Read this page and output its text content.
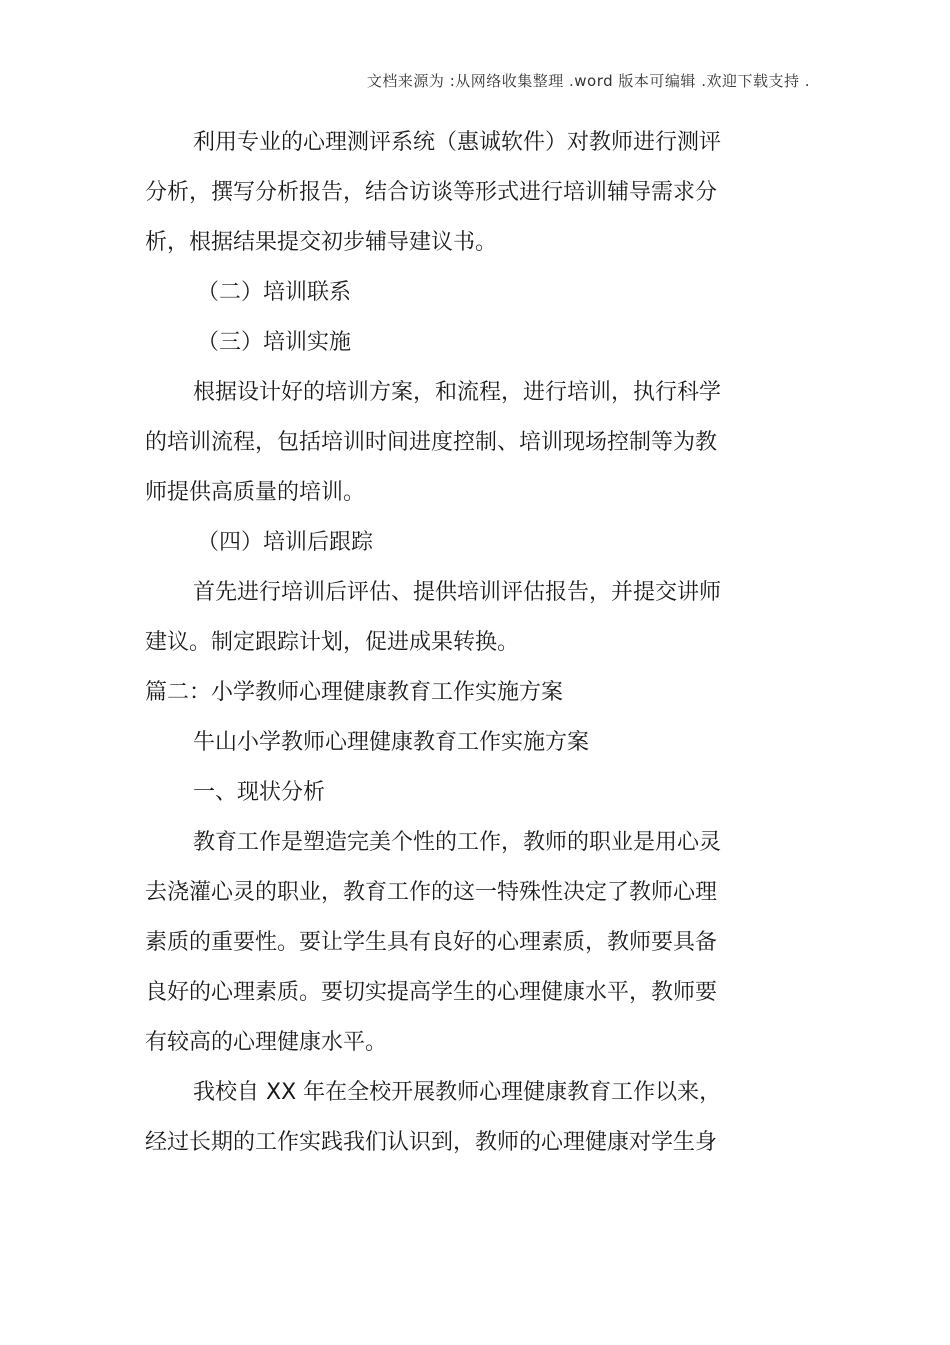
文档来源为 :从网络收集整理 .word 版本可编辑 .欢迎下载支持 .
利用专业的心理测评系统（惠诚软件）对教师进行测评
分析，撰写分析报告，结合访谈等形式进行培训辅导需求分
析，根据结果提交初步辅导建议书。
（二）培训联系
（三）培训实施
根据设计好的培训方案，和流程，进行培训，执行科学
的培训流程，包括培训时间进度控制、培训现场控制等为教
师提供高质量的培训。
（四）培训后跟踪
首先进行培训后评估、提供培训评估报告，并提交讲师
建议。制定跟踪计划，促进成果转换。
篇二：小学教师心理健康教育工作实施方案
牛山小学教师心理健康教育工作实施方案
一、现状分析
教育工作是塑造完美个性的工作，教师的职业是用心灵
去浇灌心灵的职业，教育工作的这一特殊性决定了教师心理
素质的重要性。要让学生具有良好的心理素质，教师要具备
良好的心理素质。要切实提高学生的心理健康水平，教师要
有较高的心理健康水平。
我校自 XX 年在全校开展教师心理健康教育工作以来，
经过长期的工作实践我们认识到，教师的心理健康对学生身
